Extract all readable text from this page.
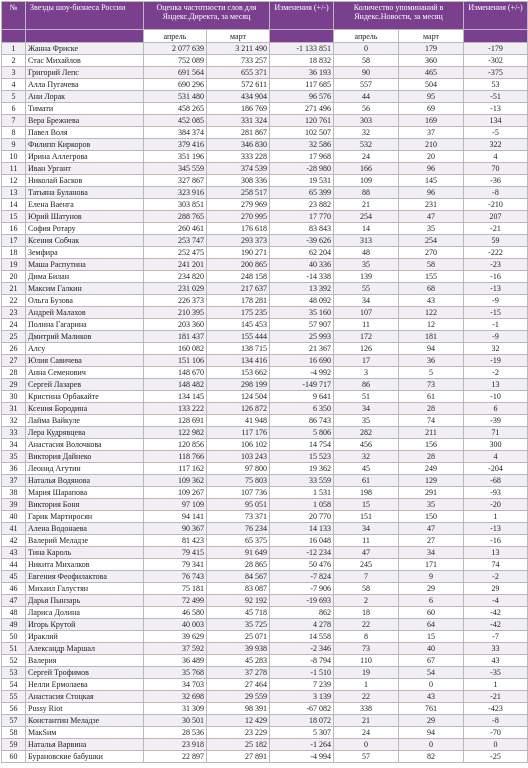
№	Звезды шоу-бизнеса России	Оценка частотности слов для Яндекс.Директа, за месяц		Изменения (+/-)	Количество упоминаний в Яндекс.Новости, за месяц		Изменения (+/-)
		апрель	март		апрель	март	
1	Жанна Фриске	2 077 639	3 211 490	-1 133 851	0	179	-179
2	Стас Михайлов	752 089	733 257	18 832	58	360	-302
3	Григорий Лепс	691 564	655 371	36 193	90	465	-375
4	Алла Пугачева	690 296	572 611	117 685	557	504	53
5	Ани Лорак	531 480	434 904	96 576	44	95	-51
6	Тимати	458 265	186 769	271 496	56	69	-13
7	Вера Брежнева	452 085	331 324	120 761	303	169	134
8	Павел Воля	384 374	281 867	102 507	32	37	-5
9	Филипп Киркоров	379 416	346 830	32 586	532	210	322
10	Ирина Аллегрова	351 196	333 228	17 968	24	20	4
11	Иван Ургант	345 559	374 539	-28 980	166	96	70
12	Николай Басков	327 867	308 336	19 531	109	145	-36
13	Татьяна Буланова	323 916	258 517	65 399	88	96	-8
14	Елена Ваенга	303 851	279 969	23 882	21	231	-210
15	Юрий Шатунов	288 765	270 995	17 770	254	47	207
16	София Ротару	260 461	176 618	83 843	14	35	-21
17	Ксения Собчак	253 747	293 373	-39 626	313	254	59
18	Земфира	252 475	190 271	62 204	48	270	-222
19	Маша Распутина	241 201	200 865	40 336	35	58	-23
20	Дима Билан	234 820	248 158	-14 338	139	155	-16
21	Максим Галкин	231 029	217 637	13 392	55	68	-13
22	Ольга Бузова	226 373	178 281	48 092	34	43	-9
23	Андрей Малахов	210 395	175 235	35 160	107	122	-15
24	Полина Гагарина	203 360	145 453	57 907	11	12	-1
25	Дмитрий Маликов	181 437	155 444	25 993	172	181	-9
26	Алсу	160 082	138 715	21 367	126	94	32
27	Юлия Савичева	151 106	134 416	16 690	17	36	-19
28	Анна Семенович	148 670	153 662	-4 992	3	5	-2
29	Сергей Лазарев	148 482	298 199	-149 717	86	73	13
30	Кристина Орбакайте	134 145	124 504	9 641	51	61	-10
31	Ксения Бородина	133 222	126 872	6 350	34	28	6
32	Лайма Вайкуле	128 691	41 948	86 743	35	74	-39
33	Лера Кудрявцева	122 982	117 176	5 806	282	211	71
34	Анастасия Волочкова	120 856	106 102	14 754	456	156	300
35	Виктория Дайнеко	118 766	103 243	15 523	32	28	4
36	Леонид Агутин	117 162	97 800	19 362	45	249	-204
37	Наталья Водянова	109 362	75 803	33 559	61	129	-68
38	Мария Шарапова	109 267	107 736	1 531	198	291	-93
39	Виктория Боня	97 109	95 051	1 058	15	35	-20
40	Гарик Мартиросян	94 141	73 371	20 770	151	150	1
41	Алена Водонаева	90 367	76 234	14 133	34	47	-13
42	Валерий Меладзе	81 423	65 375	16 048	11	27	-16
43	Тина Кароль	79 415	91 649	-12 234	47	34	13
44	Никита Михалков	79 341	28 865	50 476	245	171	74
45	Евгения Феофилактова	76 743	84 567	-7 824	7	9	-2
46	Михаил Галустян	75 181	83 087	-7 906	58	29	29
47	Дарья Пынзарь	72 499	92 192	-19 693	2	6	-4
48	Лариса Долина	46 580	45 718	862	18	60	-42
49	Игорь Крутой	40 003	35 725	4 278	22	64	-42
50	Ираклий	39 629	25 071	14 558	8	15	-7
51	Александр Маршал	37 592	39 938	-2 346	73	40	33
52	Валерия	36 489	45 283	-8 794	110	67	43
53	Сергей Трофимов	35 768	37 278	-1 510	19	54	-35
54	Нелли Ермолаева	34 703	27 464	7 239	1	0	1
55	Анастасия Стоцкая	32 698	29 559	3 139	22	43	-21
56	Pussy Riot	31 309	98 391	-67 082	338	761	-423
57	Константин Меладзе	30 501	12 429	18 072	21	29	-8
58	МакSим	28 536	23 229	5 307	24	94	-70
59	Наталья Варвина	23 918	25 182	-1 264	0	0	0
60	Бурановские бабушки	22 897	27 891	-4 994	57	82	-25
